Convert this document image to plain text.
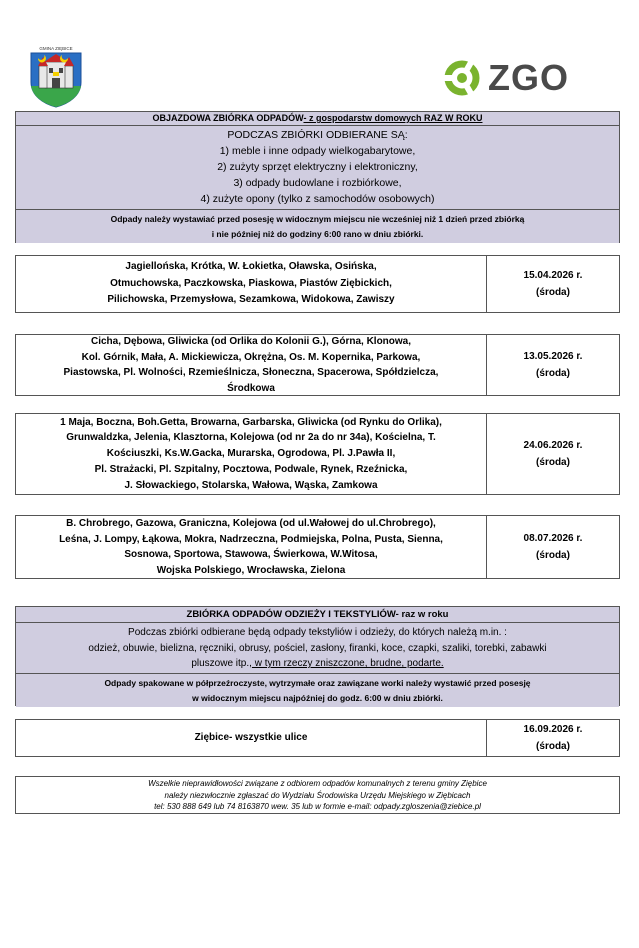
GMINA ZIĘBICE
ZGO
OBJAZDOWA ZBIÓRKA ODPADÓW- z gospodarstw domowych RAZ W ROKU
PODCZAS ZBIÓRKI ODBIERANE SĄ:
1) meble i inne odpady wielkogabarytowe,
2) zużyty sprzęt elektryczny i elektroniczny,
3) odpady budowlane i rozbiórkowe,
4) zużyte opony (tylko z samochodów osobowych)
Odpady należy wystawiać przed posesję w widocznym miejscu nie wcześniej niż 1 dzień przed zbiórką
i nie później niż do godziny 6:00 rano w dniu zbiórki.
Jagiellońska, Krótka, W. Łokietka, Oławska, Osińska,
Otmuchowska, Paczkowska, Piaskowa, Piastów Ziębickich,
Pilichowska, Przemysłowa, Sezamkowa, Widokowa, Zawiszy
15.04.2026 r.
(środa)
Cicha, Dębowa, Gliwicka (od Orlika do Kolonii G.), Górna, Klonowa,
Kol. Górnik, Mała, A. Mickiewicza, Okrężna, Os. M. Kopernika, Parkowa,
Piastowska, Pl. Wolności, Rzemieślnicza, Słoneczna, Spacerowa, Spółdzielcza,
Środkowa
13.05.2026 r.
(środa)
1 Maja, Boczna, Boh.Getta, Browarna, Garbarska, Gliwicka (od Rynku do Orlika),
Grunwaldzka, Jelenia, Klasztorna, Kolejowa (od nr 2a do nr 34a), Kościelna, T.
Kościuszki, Ks.W.Gacka, Murarska, Ogrodowa, Pl. J.Pawła II,
Pl. Strażacki, Pl. Szpitalny, Pocztowa, Podwale, Rynek, Rzeźnicka,
J. Słowackiego, Stolarska, Wałowa, Wąska, Zamkowa
24.06.2026 r.
(środa)
B. Chrobrego, Gazowa, Graniczna, Kolejowa (od ul.Wałowej do ul.Chrobrego),
Leśna, J. Lompy, Łąkowa, Mokra, Nadrzeczna, Podmiejska, Polna, Pusta, Sienna,
Sosnowa, Sportowa, Stawowa, Świerkowa, W.Witosa,
Wojska Polskiego, Wrocławska, Zielona
08.07.2026 r.
(środa)
ZBIÓRKA ODPADÓW ODZIEŻY I TEKSTYLIÓW- raz w roku
Podczas zbiórki odbierane będą odpady tekstyliów i odzieży, do których należą m.in. :
odzież, obuwie, bielizna, ręczniki, obrusy, pościel, zasłony, firanki, koce, czapki, szaliki, torebki, zabawki
pluszowe itp., w tym rzeczy zniszczone, brudne, podarte.
Odpady spakowane w półprzeźroczyste, wytrzymałe oraz zawiązane worki należy wystawić przed posesję
w widocznym miejscu najpóźniej do godz. 6:00 w dniu zbiórki.
Ziębice- wszystkie ulice
16.09.2026 r.
(środa)
Wszelkie nieprawidłowości związane z odbiorem odpadów komunalnych z terenu gminy Ziębice
należy niezwłocznie zgłaszać do Wydziału Środowiska Urzędu Miejskiego w Ziębicach
tel: 530 888 649 lub 74 8163870 wew. 35 lub w formie e-mail: odpady.zgloszenia@ziebice.pl
